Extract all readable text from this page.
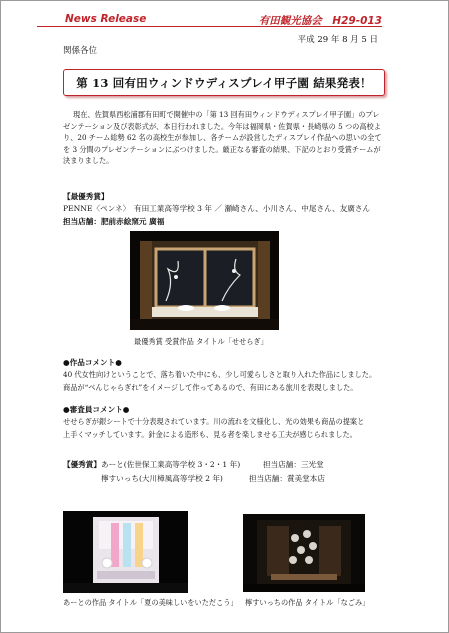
News Release	有田観光協会　H29-013
平成 29 年 8 月 5 日
関係各位
第 13 回有田ウィンドウディスプレイ甲子園 結果発表！

現在、佐賀県西松浦郡有田町で開催中の「第 13 回有田ウィンドウディスプレイ甲子園」のプレゼンテーション及び表彰式が、本日行われました。今年は福岡県・佐賀県・長崎県の 5 つの高校より、20 チーム総勢 62 名の高校生が参加し、各チームが設営したディスプレイ作品への思いの全てを 3 分間のプレゼンテーションにぶつけました。厳正なる審査の結果、下記のとおり受賞チームが決まりました。

【最優秀賞】
PENNE〈ペンネ〉　有田工業高等学校 3 年 ／ 瀬崎さん、小川さん、中尾さん、友廣さん
担当店舗：肥前赤絵窯元 廣福
最優秀賞 受賞作品 タイトル「せせらぎ」
●作品コメント●
40 代女性向けということで、落ち着いた中にも、少し可愛らしさと取り入れた作品にしました。
商品が“べんじゃらぎれ”をイメージして作ってあるので、有田にある旅川を表現しました。
●審査員コメント●
せせらぎが銀シートで十分表現されています。川の流れを文様化し、光の効果も商品の提案と
上手くマッチしています。針金による造形も、見る者を楽しませる工夫が感じられました。
【優秀賞】 あーと(佐世保工業高等学校 3・2・1 年)	担当店舗：三光堂
檸すいっち(大川樟風高等学校 2 年)	担当店舗：賞美堂本店
あーとの作品 タイトル「夏の美味しいをいただこう」 檸すいっちの作品 タイトル「なごみ」
